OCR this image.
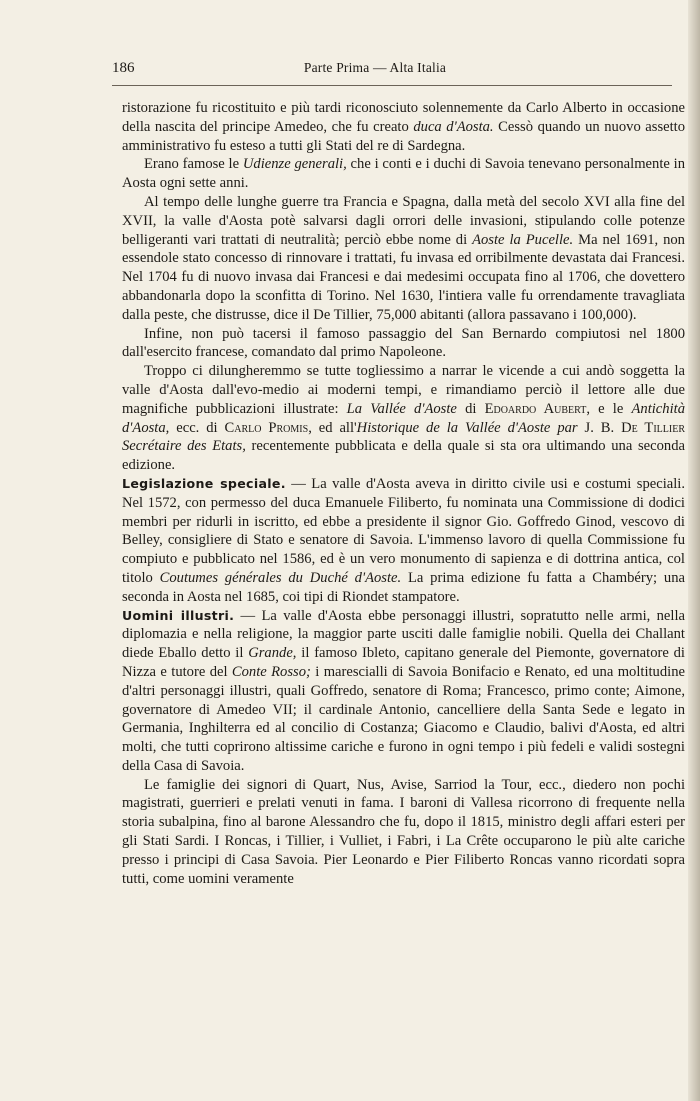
186	Parte Prima — Alta Italia

ristorazione fu ricostituito e più tardi riconosciuto solennemente da Carlo Alberto in occasione della nascita del principe Amedeo, che fu creato duca d'Aosta. Cessò quando un nuovo assetto amministrativo fu esteso a tutti gli Stati del re di Sardegna.

Erano famose le Udienze generali, che i conti e i duchi di Savoia tenevano personalmente in Aosta ogni sette anni.

Al tempo delle lunghe guerre tra Francia e Spagna, dalla metà del secolo XVI alla fine del XVII, la valle d'Aosta potè salvarsi dagli orrori delle invasioni, stipulando colle potenze belligeranti vari trattati di neutralità; perciò ebbe nome di Aoste la Pucelle. Ma nel 1691, non essendole stato concesso di rinnovare i trattati, fu invasa ed orribilmente devastata dai Francesi. Nel 1704 fu di nuovo invasa dai Francesi e dai medesimi occupata fino al 1706, che dovettero abbandonarla dopo la sconfitta di Torino. Nel 1630, l'intiera valle fu orrendamente travagliata dalla peste, che distrusse, dice il De Tillier, 75,000 abitanti (allora passavano i 100,000).

Infine, non può tacersi il famoso passaggio del San Bernardo compiutosi nel 1800 dall'esercito francese, comandato dal primo Napoleone.

Troppo ci dilungheremmo se tutte togliessimo a narrar le vicende a cui andò soggetta la valle d'Aosta dall'evo-medio ai moderni tempi, e rimandiamo perciò il lettore alle due magnifiche pubblicazioni illustrate: La Vallée d'Aoste di Edoardo Aubert, e le Antichità d'Aosta, ecc. di Carlo Promis, ed all'Historique de la Vallée d'Aoste par J. B. De Tillier Secrétaire des Etats, recentemente pubblicata e della quale si sta ora ultimando una seconda edizione.

Legislazione speciale. — La valle d'Aosta aveva in diritto civile usi e costumi speciali. Nel 1572, con permesso del duca Emanuele Filiberto, fu nominata una Commissione di dodici membri per ridurli in iscritto, ed ebbe a presidente il signor Gio. Goffredo Ginod, vescovo di Belley, consigliere di Stato e senatore di Savoia. L'immenso lavoro di quella Commissione fu compiuto e pubblicato nel 1586, ed è un vero monumento di sapienza e di dottrina antica, col titolo Coutumes générales du Duché d'Aoste. La prima edizione fu fatta a Chambéry; una seconda in Aosta nel 1685, coi tipi di Riondet stampatore.

Uomini illustri. — La valle d'Aosta ebbe personaggi illustri, sopratutto nelle armi, nella diplomazia e nella religione, la maggior parte usciti dalle famiglie nobili. Quella dei Challant diede Eballo detto il Grande, il famoso Ibleto, capitano generale del Piemonte, governatore di Nizza e tutore del Conte Rosso; i marescialli di Savoia Bonifacio e Renato, ed una moltitudine d'altri personaggi illustri, quali Goffredo, senatore di Roma; Francesco, primo conte; Aimone, governatore di Amedeo VII; il cardinale Antonio, cancelliere della Santa Sede e legato in Germania, Inghilterra ed al concilio di Costanza; Giacomo e Claudio, balivi d'Aosta, ed altri molti, che tutti coprirono altissime cariche e furono in ogni tempo i più fedeli e validi sostegni della Casa di Savoia.

Le famiglie dei signori di Quart, Nus, Avise, Sarriod la Tour, ecc., diedero non pochi magistrati, guerrieri e prelati venuti in fama. I baroni di Vallesa ricorrono di frequente nella storia subalpina, fino al barone Alessandro che fu, dopo il 1815, ministro degli affari esteri per gli Stati Sardi. I Roncas, i Tillier, i Vulliet, i Fabri, i La Crête occuparono le più alte cariche presso i principi di Casa Savoia. Pier Leonardo e Pier Filiberto Roncas vanno ricordati sopra tutti, come uomini veramente
